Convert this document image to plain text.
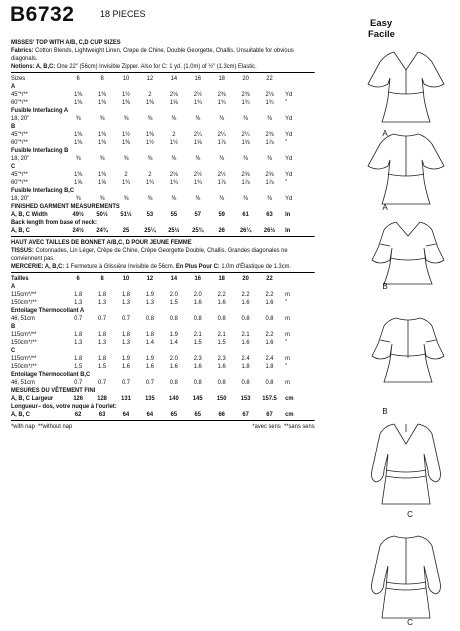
B6732	18 PIECES
Easy
Facile
MISSES' TOP WITH A/B, C,D CUP SIZES
Fabrics: Cotton Blends, Lightweight Linen, Crepe de Chine, Double Georgette, Challis. Unsuitable for obvious diagonals.
Notions: A, B,C: One 22" (56cm) Invisible Zipper. Also for C: 1 yd. (1.0m) of ½" (1.3cm) Elastic.
Sizes	6	8	10	12	14	16	18	20	22
A
45"*/**	1⅜	1⅜	1½	2	2⅛	2½	2⅜	2⅜	2⅛	Yd
60"*/**	1⅜	1⅜	1⅜	1⅜	1⅝	1¾	1¾	1¾	1¾	"
Fusible Interfacing A
18, 20"	⅜	⅜	⅜	⅜	⅜	⅜	⅜	⅜	⅜	Yd
B
45"*/**	1⅜	1⅜	1½	1⅜	2	2¼	2¼	2¼	2⅜	Yd
60"*/**	1⅜	1⅜	1⅜	1½	1½	1⅝	1⅞	1⅝	1⅞	"
Fusible Interfacing B
18, 20"	⅜	⅜	⅜	⅜	⅜	⅜	⅜	⅜	⅜	Yd
C
45"*/**	1⅜	1⅜	2	2	2⅛	2½	2½	2⅝	2⅝	Yd
60"*/**	1⅝	1⅝	1¾	1¾	1¾	1¾	1⅞	1⅞	1⅞	"
Fusible Interfacing B,C
18, 20"	⅜	⅜	⅜	⅜	⅜	⅜	⅜	⅜	⅜	Yd
FINISHED GARMENT MEASUREMENTS
A, B, C Width	49½	50½	51½	53	55	57	59	61	63	In
Back length from base of neck:
A, B, C	24½	24¾	25	25¼	25½	25¾	26	26¼	26½	In
HAUT AVEC TAILLES DE BONNET A/B,C, D POUR JEUNE FEMME
TISSUS: Cotonnades, Lin Léger, Crêpe de Chine, Crêpe Georgette Double, Challis. Grandes diagonales ne conviennent pas.
MERCERIE: A, B,C: 1 Fermeture à Glissière Invisible de 56cm. En Plus Pour C: 1.0m d'Élastique de 1.3cm.
Tailles	6	8	10	12	14	16	18	20	22
A
115cm*/**	1.8	1.8	1.8	1.9	2.0	2.0	2.2	2.2	2.2	m
150cm*/**	1.3	1.3	1.3	1.3	1.5	1.6	1.6	1.6	1.6	"
Entoilage Thermocollant A
46, 51cm	0.7	0.7	0.7	0.8	0.8	0.8	0.8	0.8	0.8	m
B
115cm*/**	1.8	1.8	1.8	1.8	1.9	2.1	2.1	2.1	2.2	m
150cm*/**	1.3	1.3	1.3	1.4	1.4	1.5	1.5	1.6	1.6	"
C
115cm*/**	1.8	1.8	1.9	1.9	2.0	2.3	2.3	2.4	2.4	m
150cm*/**	1.5	1.5	1.6	1.6	1.6	1.6	1.6	1.8	1.8	"
Entoilage Thermocollant B,C
46, 51cm	0.7	0.7	0.7	0.7	0.8	0.8	0.8	0.8	0.8	m
MESURES DU VÊTEMENT FINI
A, B, C Largeur	126	128	131	135	140	145	150	153	157.5	cm
Longueur– dos, votre nuque à l'ourlet:
A, B, C	62	63	64	64	65	65	66	67	67	cm
*with nap **without nap	*avec sens **sans sens
A
A
B
B
C
C
